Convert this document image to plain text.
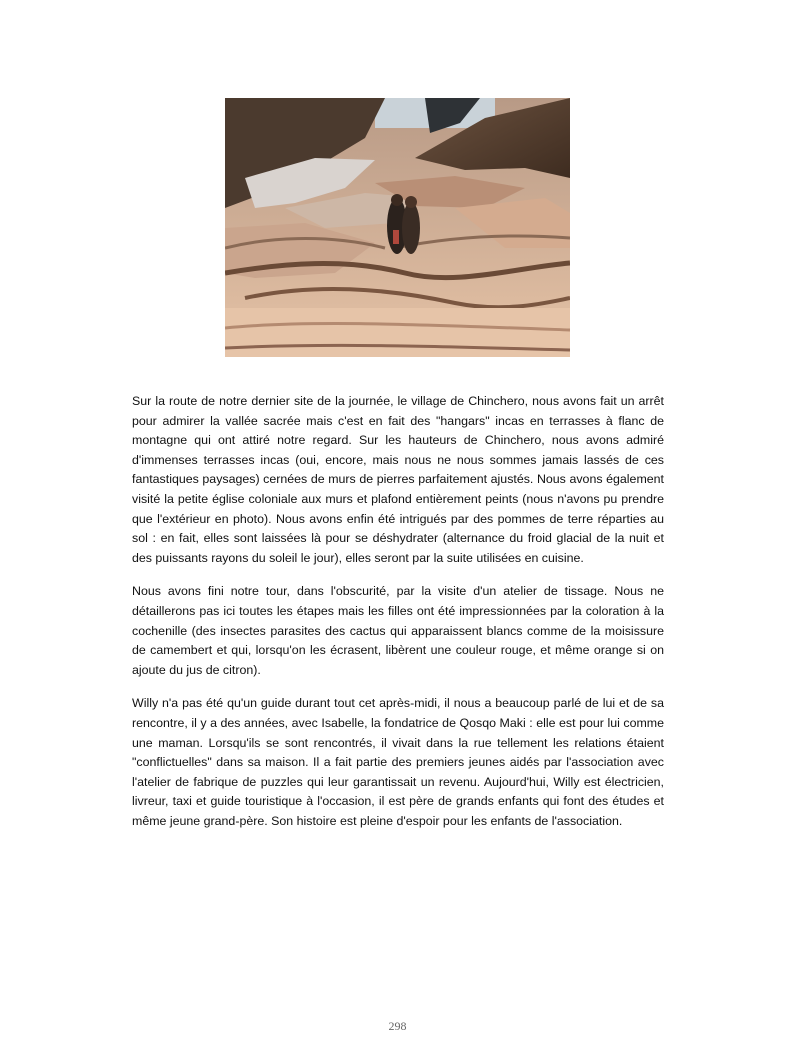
Sur la route de notre dernier site de la journée, le village de Chinchero, nous avons fait un arrêt pour admirer la vallée sacrée mais c'est en fait des "hangars" incas en terrasses à flanc de montagne qui ont attiré notre regard. Sur les hauteurs de Chinchero, nous avons admiré d'immenses terrasses incas (oui, encore, mais nous ne nous sommes jamais lassés de ces fantastiques paysages) cernées de murs de pierres parfaitement ajustés. Nous avons également visité la petite église coloniale aux murs et plafond entièrement peints (nous n'avons pu prendre que l'extérieur en photo). Nous avons enfin été intrigués par des pommes de terre réparties au sol : en fait, elles sont laissées là pour se déshydrater (alternance du froid glacial de la nuit et des puissants rayons du soleil le jour), elles seront par la suite utilisées en cuisine.

Nous avons fini notre tour, dans l'obscurité, par la visite d'un atelier de tissage. Nous ne détaillerons pas ici toutes les étapes mais les filles ont été impressionnées par la coloration à la cochenille (des insectes parasites des cactus qui apparaissent blancs comme de la moisissure de camembert et qui, lorsqu'on les écrasent, libèrent une couleur rouge, et même orange si on ajoute du jus de citron).

Willy n'a pas été qu'un guide durant tout cet après-midi, il nous a beaucoup parlé de lui et de sa rencontre, il y a des années, avec Isabelle, la fondatrice de Qosqo Maki : elle est pour lui comme une maman. Lorsqu'ils se sont rencontrés, il vivait dans la rue tellement les relations étaient "conflictuelles" dans sa maison. Il a fait partie des premiers jeunes aidés par l'association avec l'atelier de fabrique de puzzles qui leur garantissait un revenu. Aujourd'hui, Willy est électricien, livreur, taxi et guide touristique à l'occasion, il est père de grands enfants qui font des études et même jeune grand-père. Son histoire est pleine d'espoir pour les enfants de l'association.

298
